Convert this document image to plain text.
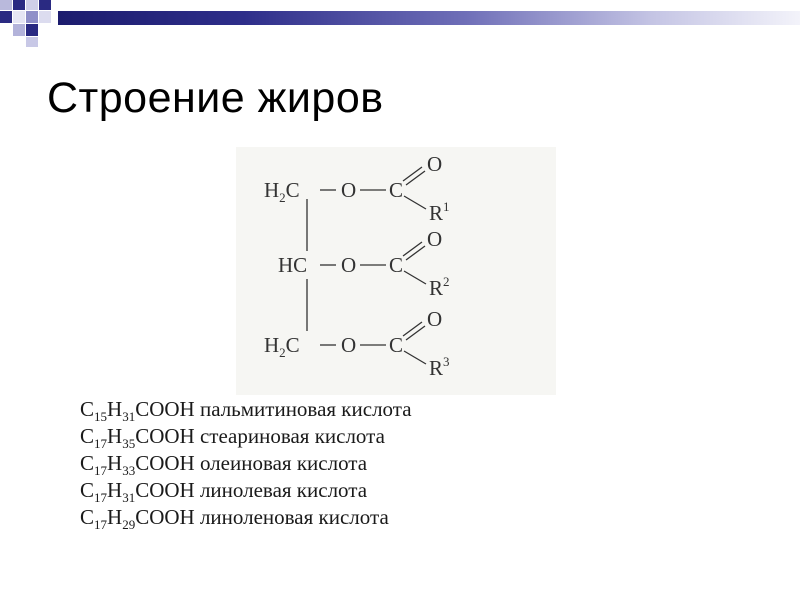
Строение жиров
$H_2C$ O C
O
$R^1$
HC O C
O
$R^2$
$H_2C$ O C
O
$R^3$
$C_{15}H_{31}COOH$ пальмитиновая кислота
$C_{17}H_{35}COOH$ стеариновая кислота
$C_{17}H_{33}COOH$ олеиновая кислота
$C_{17}H_{31}COOH$ линолевая кислота
$C_{17}H_{29}COOH$ линоленовая кислота
